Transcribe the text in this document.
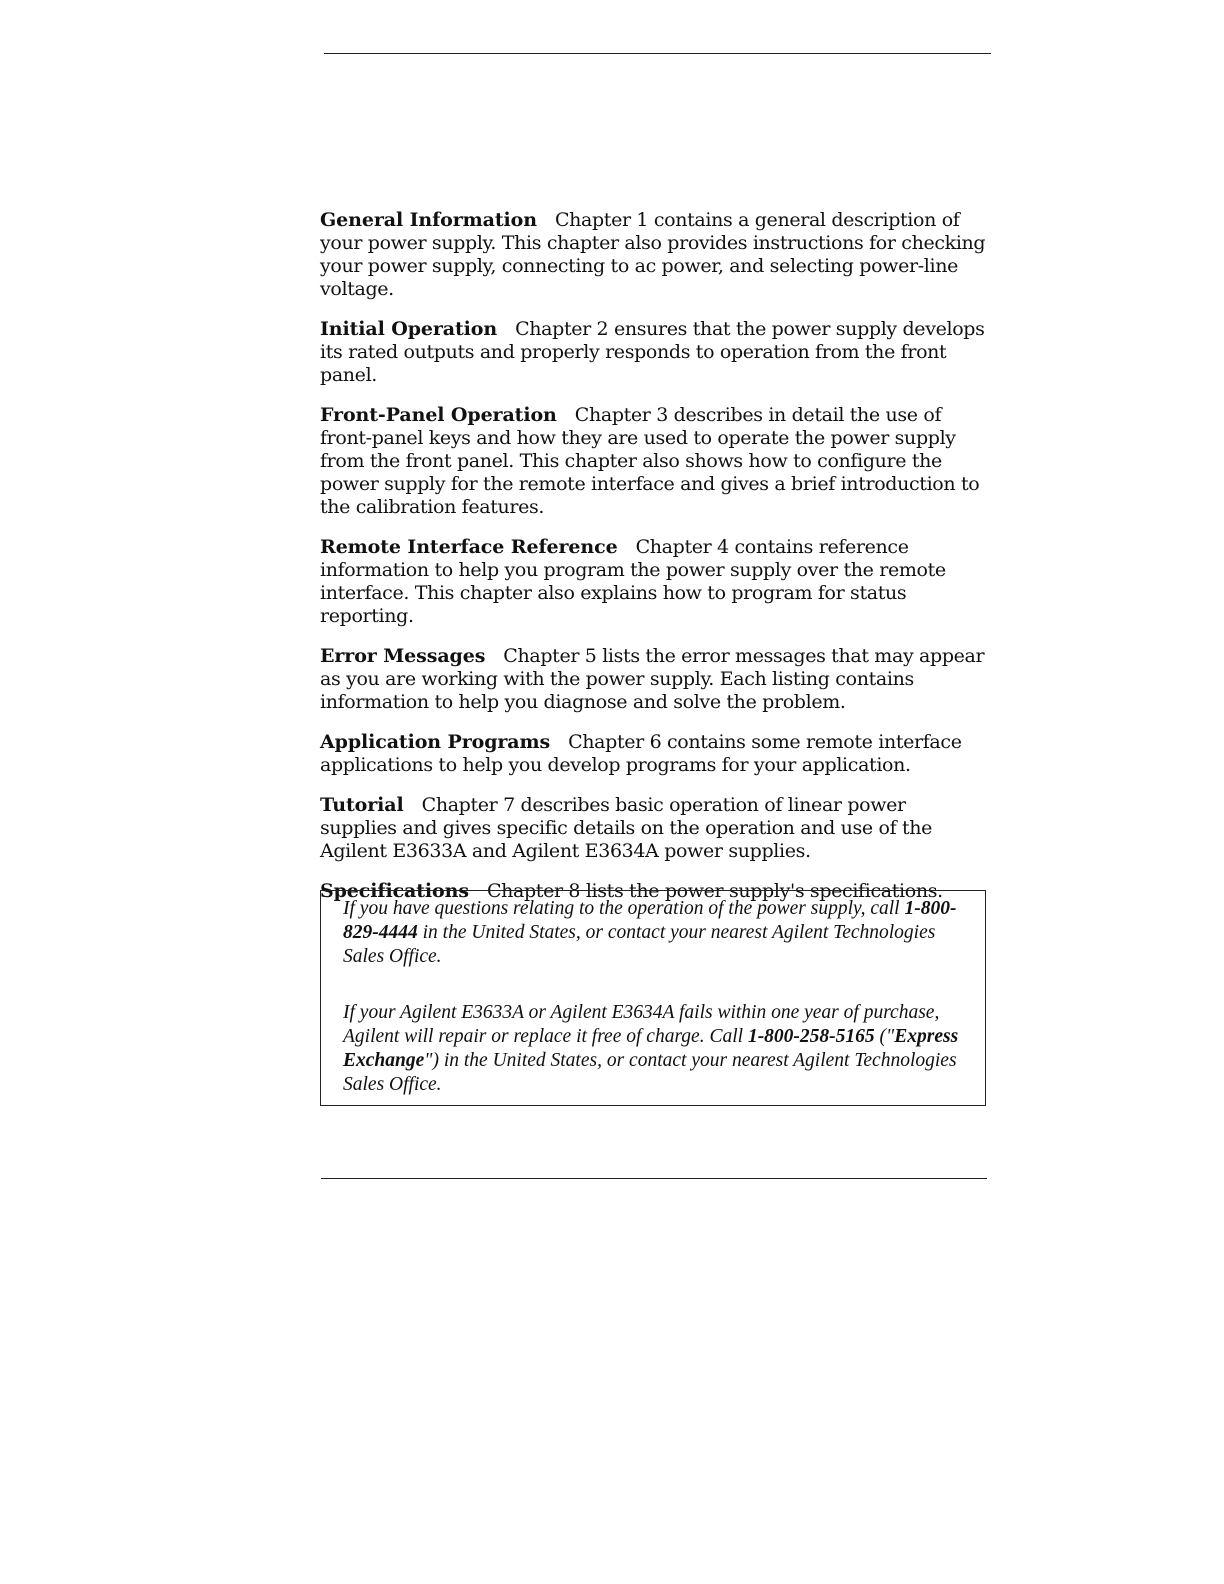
General Information Chapter 1 contains a general description of your power supply. This chapter also provides instructions for checking your power supply, connecting to ac power, and selecting power-line voltage.

Initial Operation Chapter 2 ensures that the power supply develops its rated outputs and properly responds to operation from the front panel.

Front-Panel Operation Chapter 3 describes in detail the use of front-panel keys and how they are used to operate the power supply from the front panel. This chapter also shows how to configure the power supply for the remote interface and gives a brief introduction to the calibration features.

Remote Interface Reference Chapter 4 contains reference information to help you program the power supply over the remote interface. This chapter also explains how to program for status reporting.

Error Messages Chapter 5 lists the error messages that may appear as you are working with the power supply. Each listing contains information to help you diagnose and solve the problem.

Application Programs Chapter 6 contains some remote interface applications to help you develop programs for your application.

Tutorial Chapter 7 describes basic operation of linear power supplies and gives specific details on the operation and use of the Agilent E3633A and Agilent E3634A power supplies.

Specifications Chapter 8 lists the power supply's specifications.

If you have questions relating to the operation of the power supply, call 1-800-829-4444 in the United States, or contact your nearest Agilent Technologies Sales Office.

If your Agilent E3633A or Agilent E3634A fails within one year of purchase, Agilent will repair or replace it free of charge. Call 1-800-258-5165 ("Express Exchange") in the United States, or contact your nearest Agilent Technologies Sales Office.
